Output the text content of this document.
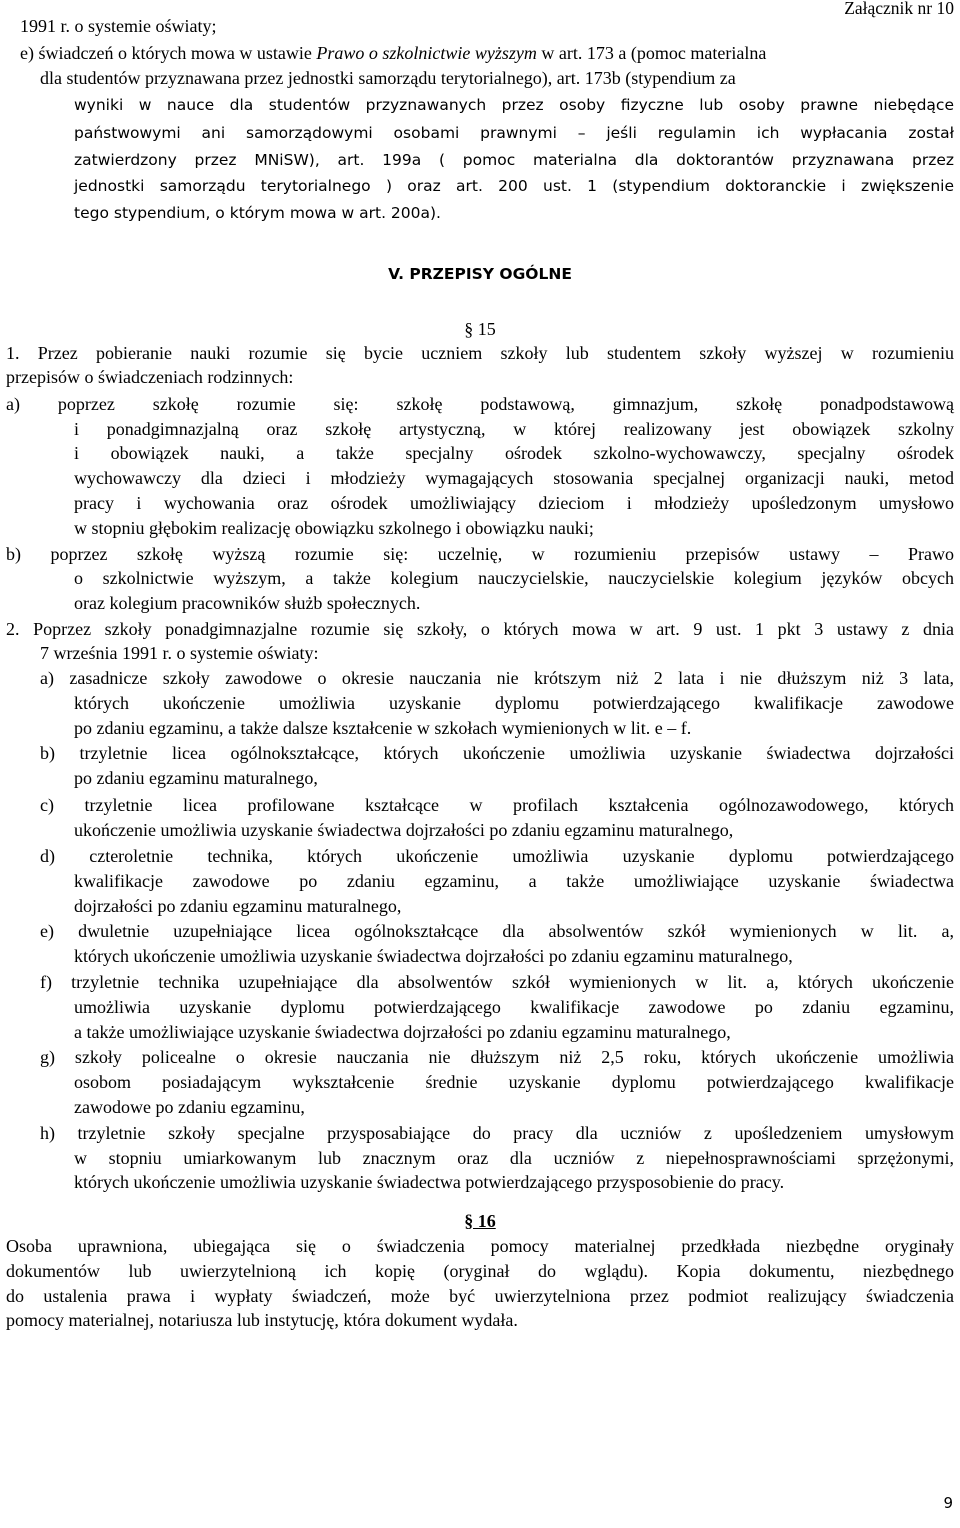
Załącznik nr 10
1991 r. o systemie oświaty;
e) świadczeń o których mowa w ustawie Prawo o szkolnictwie wyższym w art. 173 a (pomoc materialna
dla studentów przyznawana przez jednostki samorządu terytorialnego), art. 173b (stypendium za
wyniki w nauce dla studentów przyznawanych przez osoby fizyczne lub osoby prawne niebędące
państwowymi ani samorządowymi osobami prawnymi – jeśli regulamin ich wypłacania został
zatwierdzony przez MNiSW), art. 199a ( pomoc materialna dla doktorantów przyznawana przez
jednostki samorządu terytorialnego ) oraz art. 200 ust. 1 (stypendium doktoranckie i zwiększenie
tego stypendium, o którym mowa w art. 200a).
V. PRZEPISY OGÓLNE
§ 15
1. Przez pobieranie nauki rozumie się bycie uczniem szkoły lub studentem szkoły wyższej w rozumieniu
przepisów o świadczeniach rodzinnych:
a) poprzez szkołę rozumie się: szkołę podstawową, gimnazjum, szkołę ponadpodstawową
i ponadgimnazjalną oraz szkołę artystyczną, w której realizowany jest obowiązek szkolny
i obowiązek nauki, a także specjalny ośrodek szkolno-wychowawczy, specjalny ośrodek
wychowawczy dla dzieci i młodzieży wymagających stosowania specjalnej organizacji nauki, metod
pracy i wychowania oraz ośrodek umożliwiający dzieciom i młodzieży upośledzonym umysłowo
w stopniu głębokim realizację obowiązku szkolnego i obowiązku nauki;
b) poprzez szkołę wyższą rozumie się: uczelnię, w rozumieniu przepisów ustawy – Prawo
o szkolnictwie wyższym, a także kolegium nauczycielskie, nauczycielskie kolegium języków obcych
oraz kolegium pracowników służb społecznych.
2. Poprzez szkoły ponadgimnazjalne rozumie się szkoły, o których mowa w art. 9 ust. 1 pkt 3 ustawy z dnia
7 września 1991 r. o systemie oświaty:
a) zasadnicze szkoły zawodowe o okresie nauczania nie krótszym niż 2 lata i nie dłuższym niż 3 lata,
których ukończenie umożliwia uzyskanie dyplomu potwierdzającego kwalifikacje zawodowe
po zdaniu egzaminu, a także dalsze kształcenie w szkołach wymienionych w lit. e – f.
b) trzyletnie licea ogólnokształcące, których ukończenie umożliwia uzyskanie świadectwa dojrzałości
po zdaniu egzaminu maturalnego,
c) trzyletnie licea profilowane kształcące w profilach kształcenia ogólnozawodowego, których
ukończenie umożliwia uzyskanie świadectwa dojrzałości po zdaniu egzaminu maturalnego,
d) czteroletnie technika, których ukończenie umożliwia uzyskanie dyplomu potwierdzającego
kwalifikacje zawodowe po zdaniu egzaminu, a także umożliwiające uzyskanie świadectwa
dojrzałości po zdaniu egzaminu maturalnego,
e) dwuletnie uzupełniające licea ogólnokształcące dla absolwentów szkół wymienionych w lit. a,
których ukończenie umożliwia uzyskanie świadectwa dojrzałości po zdaniu egzaminu maturalnego,
f) trzyletnie technika uzupełniające dla absolwentów szkół wymienionych w lit. a, których ukończenie
umożliwia uzyskanie dyplomu potwierdzającego kwalifikacje zawodowe po zdaniu egzaminu,
a także umożliwiające uzyskanie świadectwa dojrzałości po zdaniu egzaminu maturalnego,
g) szkoły policealne o okresie nauczania nie dłuższym niż 2,5 roku, których ukończenie umożliwia
osobom posiadającym wykształcenie średnie uzyskanie dyplomu potwierdzającego kwalifikacje
zawodowe po zdaniu egzaminu,
h) trzyletnie szkoły specjalne przysposabiające do pracy dla uczniów z upośledzeniem umysłowym
w stopniu umiarkowanym lub znacznym oraz dla uczniów z niepełnosprawnościami sprzężonymi,
których ukończenie umożliwia uzyskanie świadectwa potwierdzającego przysposobienie do pracy.
§ 16
Osoba uprawniona, ubiegająca się o świadczenia pomocy materialnej przedkłada niezbędne oryginały
dokumentów lub uwierzytelnioną ich kopię (oryginał do wglądu). Kopia dokumentu, niezbędnego
do ustalenia prawa i wypłaty świadczeń, może być uwierzytelniona przez podmiot realizujący świadczenia
pomocy materialnej, notariusza lub instytucję, która dokument wydała.
9
